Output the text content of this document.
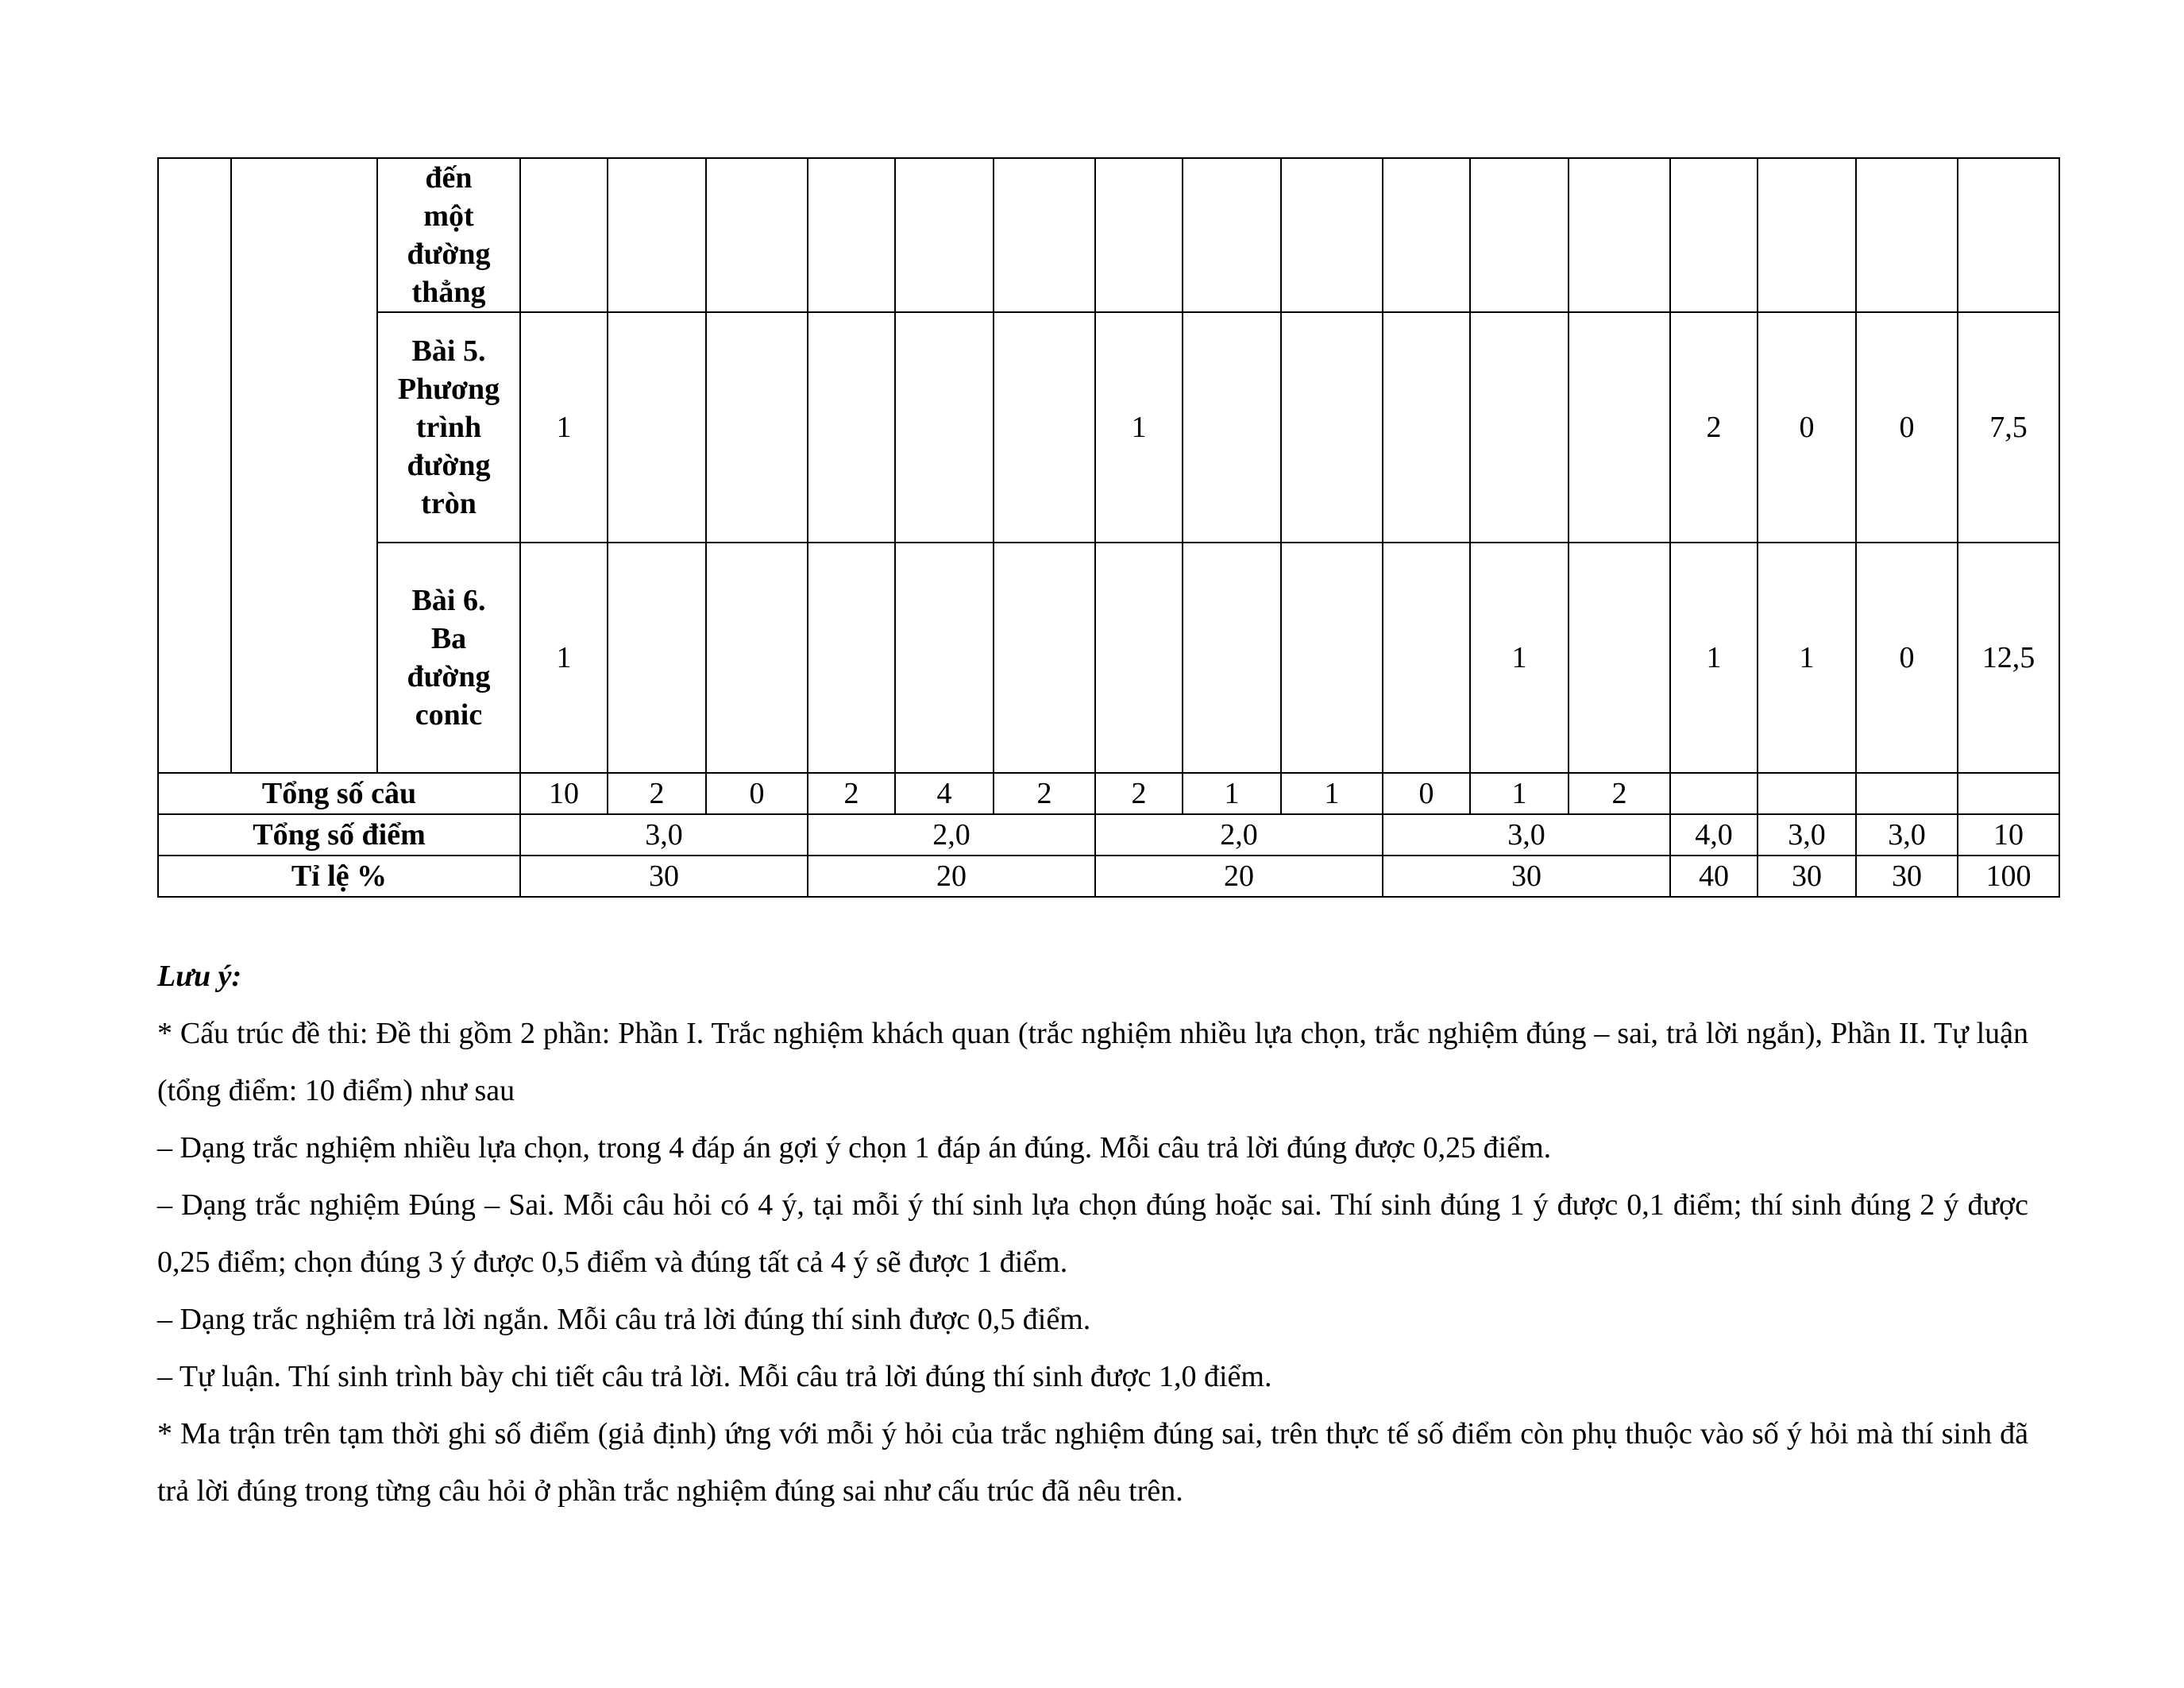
		đến
một
đường
thẳng																

		Bài 5.
Phương
trình
đường
tròn	1						1						2	0	0	7,5

		Bài 6.
Ba
đường
conic	1										1		1	1	0	12,5
Tổng số câu			10	2	0	2	4	2	2	1	1	0	1	2				
Tổng số điểm			3,0			2,0			2,0			3,0			4,0	3,0	3,0	10
Tỉ lệ %			30			20			20			30			40	30	30	100

Lưu ý:

* Cấu trúc đề thi: Đề thi gồm 2 phần: Phần I. Trắc nghiệm khách quan (trắc nghiệm nhiều lựa chọn, trắc nghiệm đúng – sai, trả lời ngắn), Phần II. Tự luận (tổng điểm: 10 điểm) như sau

– Dạng trắc nghiệm nhiều lựa chọn, trong 4 đáp án gợi ý chọn 1 đáp án đúng. Mỗi câu trả lời đúng được 0,25 điểm.

– Dạng trắc nghiệm Đúng – Sai. Mỗi câu hỏi có 4 ý, tại mỗi ý thí sinh lựa chọn đúng hoặc sai. Thí sinh đúng 1 ý được 0,1 điểm; thí sinh đúng 2 ý được 0,25 điểm; chọn đúng 3 ý được 0,5 điểm và đúng tất cả 4 ý sẽ được 1 điểm.

– Dạng trắc nghiệm trả lời ngắn. Mỗi câu trả lời đúng thí sinh được 0,5 điểm.

– Tự luận. Thí sinh trình bày chi tiết câu trả lời. Mỗi câu trả lời đúng thí sinh được 1,0 điểm.

* Ma trận trên tạm thời ghi số điểm (giả định) ứng với mỗi ý hỏi của trắc nghiệm đúng sai, trên thực tế số điểm còn phụ thuộc vào số ý hỏi mà thí sinh đã trả lời đúng trong từng câu hỏi ở phần trắc nghiệm đúng sai như cấu trúc đã nêu trên.
